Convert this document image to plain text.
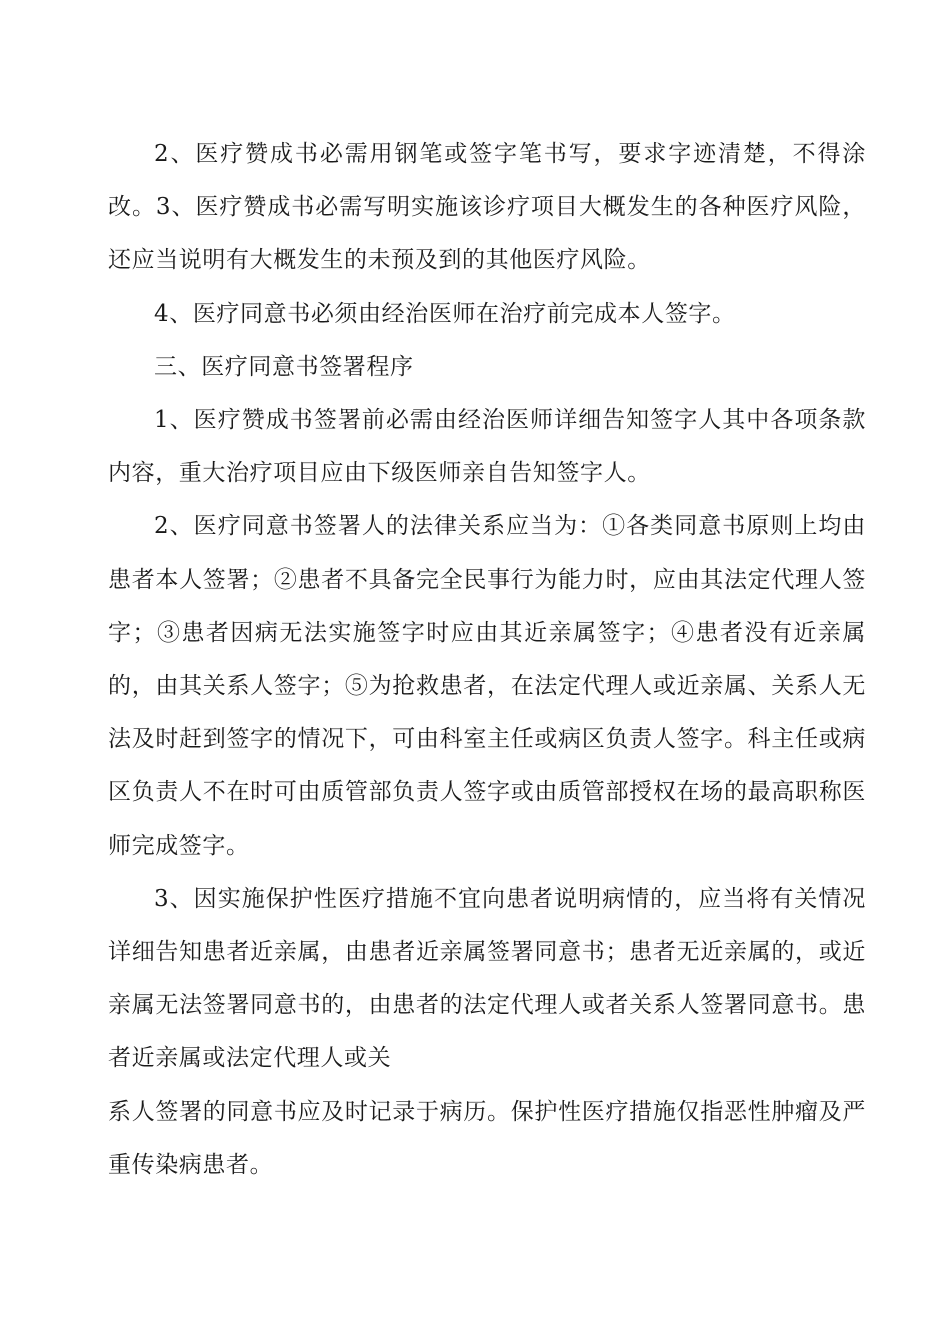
2、医疗赞成书必需用钢笔或签字笔书写，要求字迹清楚，不得涂改。3、医疗赞成书必需写明实施该诊疗项目大概发生的各种医疗风险，还应当说明有大概发生的未预及到的其他医疗风险。

4、医疗同意书必须由经治医师在治疗前完成本人签字。

三、医疗同意书签署程序

1、医疗赞成书签署前必需由经治医师详细告知签字人其中各项条款内容，重大治疗项目应由下级医师亲自告知签字人。

2、医疗同意书签署人的法律关系应当为：①各类同意书原则上均由患者本人签署；②患者不具备完全民事行为能力时，应由其法定代理人签字；③患者因病无法实施签字时应由其近亲属签字；④患者没有近亲属的，由其关系人签字；⑤为抢救患者，在法定代理人或近亲属、关系人无法及时赶到签字的情况下，可由科室主任或病区负责人签字。科主任或病区负责人不在时可由质管部负责人签字或由质管部授权在场的最高职称医师完成签字。

3、因实施保护性医疗措施不宜向患者说明病情的，应当将有关情况详细告知患者近亲属，由患者近亲属签署同意书；患者无近亲属的，或近亲属无法签署同意书的，由患者的法定代理人或者关系人签署同意书。患者近亲属或法定代理人或关

系人签署的同意书应及时记录于病历。保护性医疗措施仅指恶性肿瘤及严重传染病患者。
